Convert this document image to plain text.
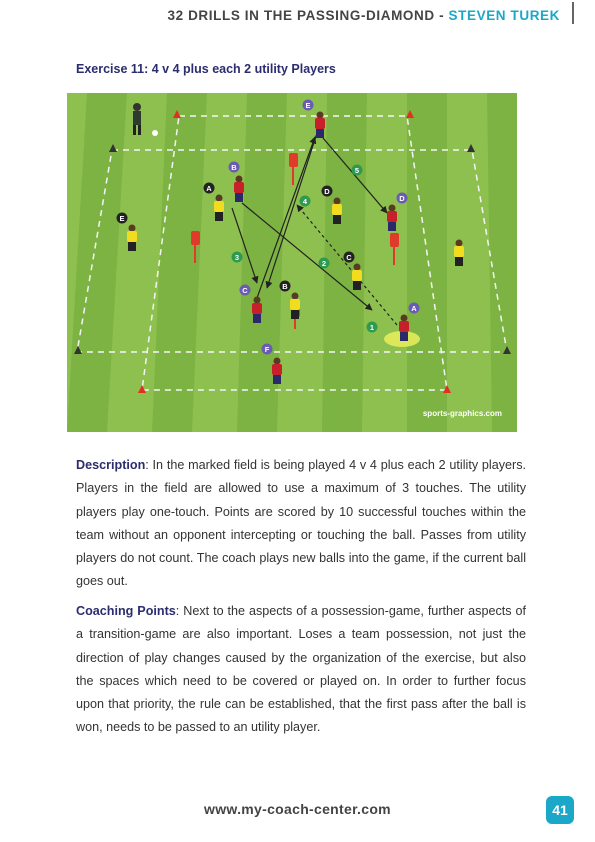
32 DRILLS IN THE PASSING-DIAMOND - STEVEN TUREK
Exercise 11: 4 v 4 plus each 2 utility Players
E
B
A	D
D
E
C
B
C
A
F
1
2
3
4
5
sports-graphics.com

Description: In the marked field is being played 4 v 4 plus each 2 utility players. Players in the field are allowed to use a maximum of 3 touches. The utility players play one-touch. Points are scored by 10 successful touches within the team without an opponent intercepting or touching the ball. Passes from utility players do not count. The coach plays new balls into the game, if the current ball goes out.

Coaching Points: Next to the aspects of a possession-game, further aspects of a transition-game are also important. Loses a team possession, not just the direction of play changes caused by the organization of the exercise, but also the spaces which need to be covered or played on. In order to further focus upon that priority, the rule can be established, that the first pass after the ball is won, needs to be passed to an utility player.

www.my-coach-center.com	41
